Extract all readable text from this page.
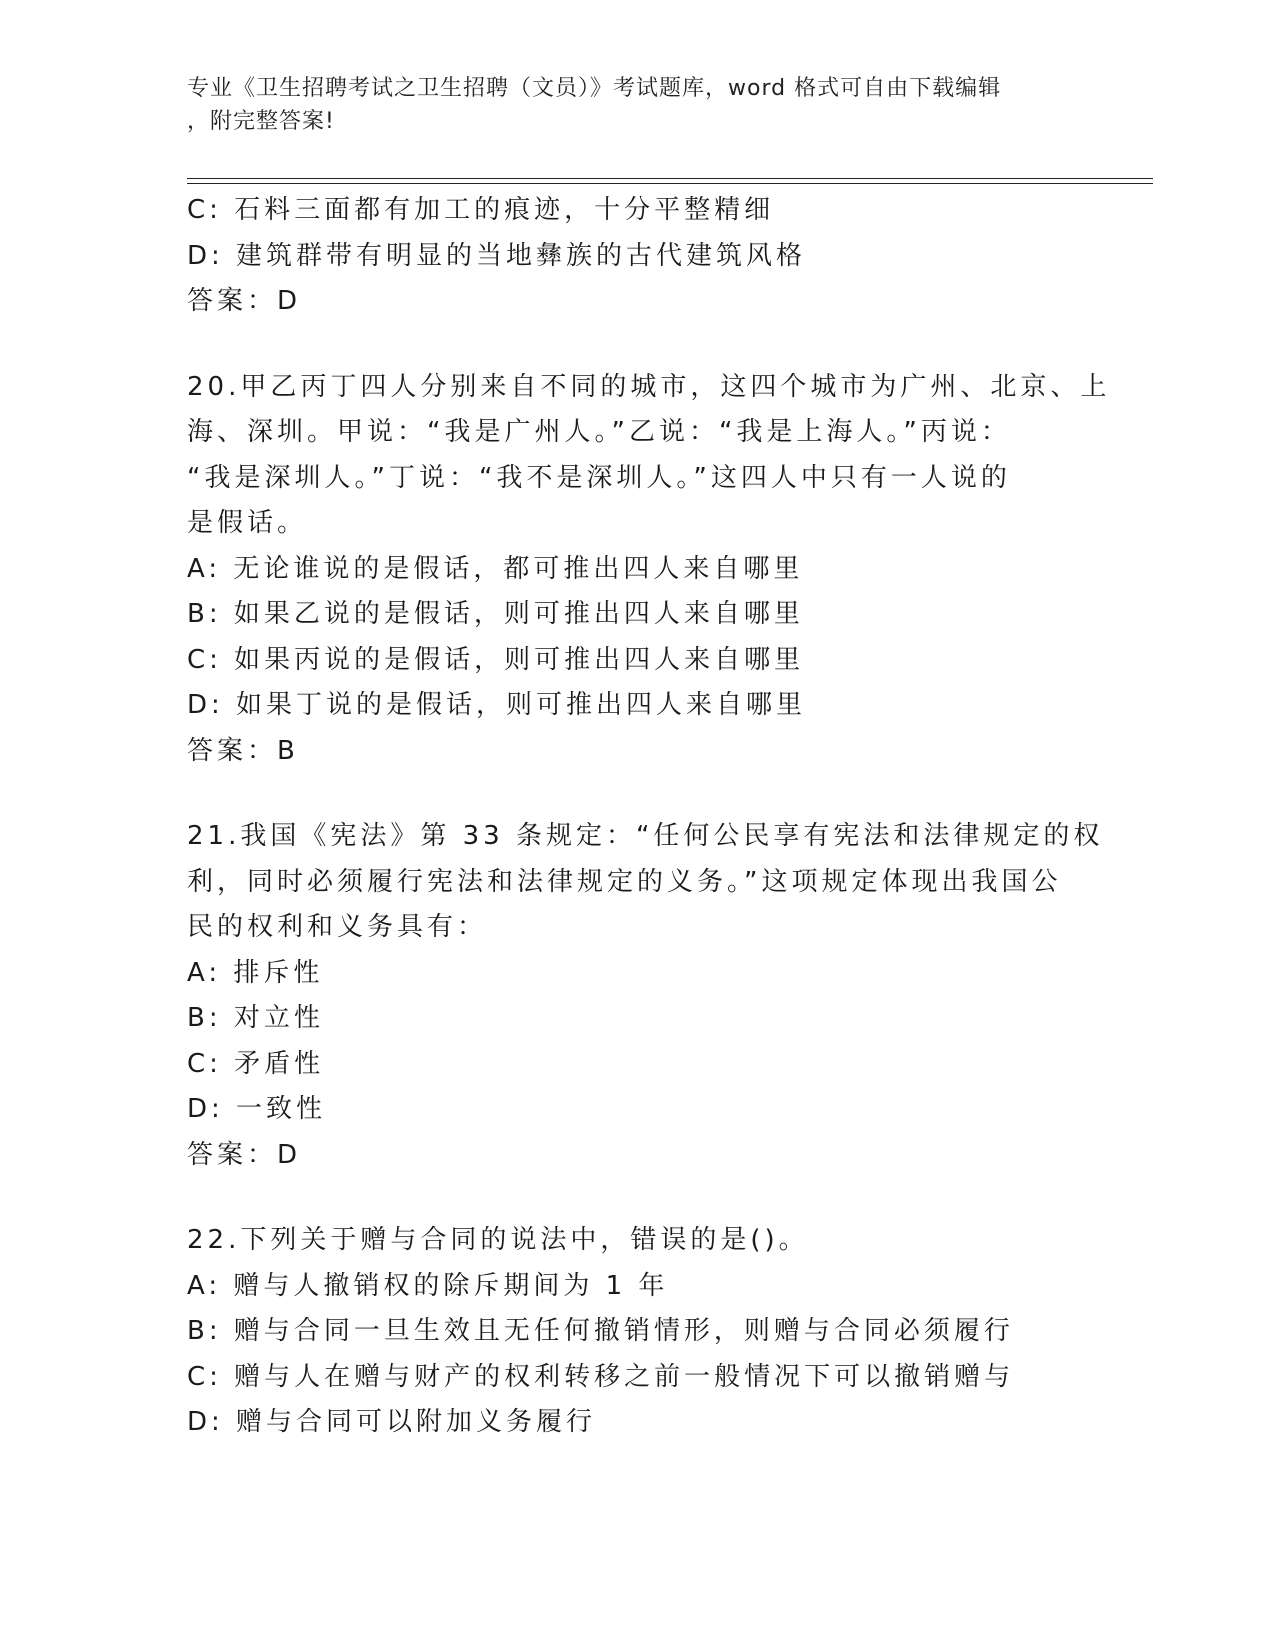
专业《卫生招聘考试之卫生招聘（文员）》考试题库，word 格式可自由下载编辑
，附完整答案!
C: 石料三面都有加工的痕迹，十分平整精细
D: 建筑群带有明显的当地彝族的古代建筑风格
答案：D
20.甲乙丙丁四人分别来自不同的城市，这四个城市为广州、北京、上
海、深圳。甲说：“我是广州人。”乙说：“我是上海人。”丙说：
“我是深圳人。”丁说：“我不是深圳人。”这四人中只有一人说的
是假话。
A: 无论谁说的是假话，都可推出四人来自哪里
B: 如果乙说的是假话，则可推出四人来自哪里
C: 如果丙说的是假话，则可推出四人来自哪里
D: 如果丁说的是假话，则可推出四人来自哪里
答案：B
21.我国《宪法》第 33 条规定：“任何公民享有宪法和法律规定的权
利，同时必须履行宪法和法律规定的义务。”这项规定体现出我国公
民的权利和义务具有：
A: 排斥性
B: 对立性
C: 矛盾性
D: 一致性
答案：D
22.下列关于赠与合同的说法中，错误的是()。
A: 赠与人撤销权的除斥期间为 1 年
B: 赠与合同一旦生效且无任何撤销情形，则赠与合同必须履行
C: 赠与人在赠与财产的权利转移之前一般情况下可以撤销赠与
D: 赠与合同可以附加义务履行
